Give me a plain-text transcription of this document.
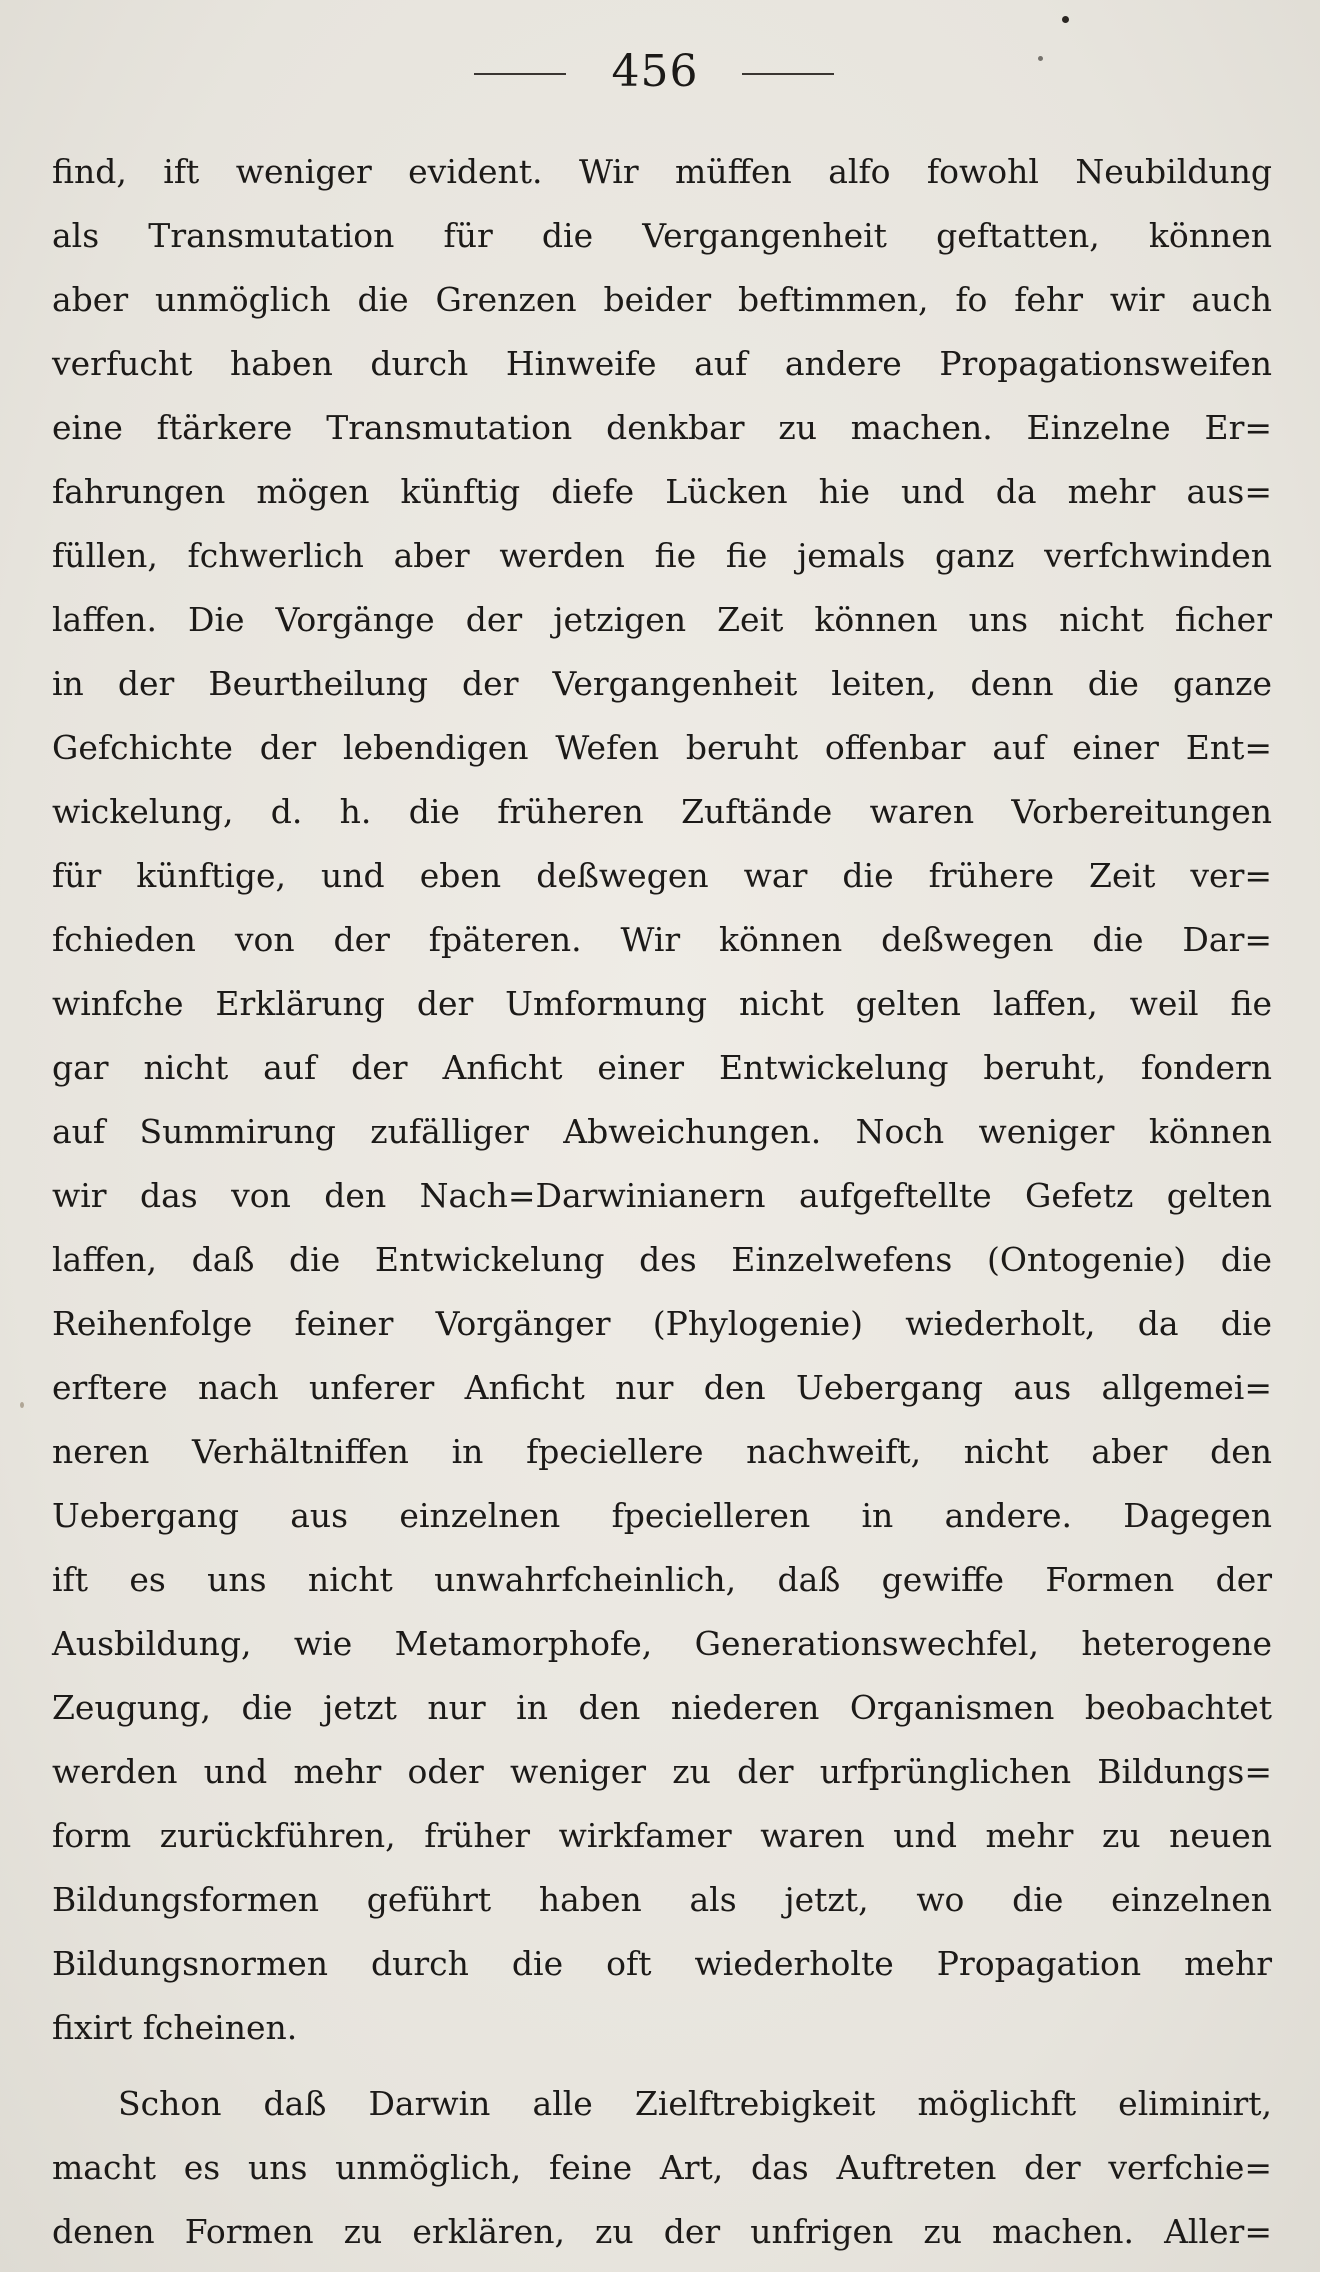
456
find, ift weniger evident. Wir müffen alfo fowohl Neubildung
als Transmutation für die Vergangenheit geftatten, können
aber unmöglich die Grenzen beider beftimmen, fo fehr wir auch
verfucht haben durch Hinweife auf andere Propagationsweifen
eine ftärkere Transmutation denkbar zu machen. Einzelne Er=
fahrungen mögen künftig diefe Lücken hie und da mehr aus=
füllen, fchwerlich aber werden fie fie jemals ganz verfchwinden
laffen. Die Vorgänge der jetzigen Zeit können uns nicht ficher
in der Beurtheilung der Vergangenheit leiten, denn die ganze
Gefchichte der lebendigen Wefen beruht offenbar auf einer Ent=
wickelung, d. h. die früheren Zuftände waren Vorbereitungen
für künftige, und eben deßwegen war die frühere Zeit ver=
fchieden von der fpäteren. Wir können deßwegen die Dar=
winfche Erklärung der Umformung nicht gelten laffen, weil fie
gar nicht auf der Anficht einer Entwickelung beruht, fondern
auf Summirung zufälliger Abweichungen. Noch weniger können
wir das von den Nach=Darwinianern aufgeftellte Gefetz gelten
laffen, daß die Entwickelung des Einzelwefens (Ontogenie) die
Reihenfolge feiner Vorgänger (Phylogenie) wiederholt, da die
erftere nach unferer Anficht nur den Uebergang aus allgemei=
neren Verhältniffen in fpeciellere nachweift, nicht aber den
Uebergang aus einzelnen fpecielleren in andere. Dagegen
ift es uns nicht unwahrfcheinlich, daß gewiffe Formen der
Ausbildung, wie Metamorphofe, Generationswechfel, heterogene
Zeugung, die jetzt nur in den niederen Organismen beobachtet
werden und mehr oder weniger zu der urfprünglichen Bildungs=
form zurückführen, früher wirkfamer waren und mehr zu neuen
Bildungsformen geführt haben als jetzt, wo die einzelnen
Bildungsnormen durch die oft wiederholte Propagation mehr
fixirt fcheinen.
Schon daß Darwin alle Zielftrebigkeit möglichft eliminirt,
macht es uns unmöglich, feine Art, das Auftreten der verfchie=
denen Formen zu erklären, zu der unfrigen zu machen. Aller=
